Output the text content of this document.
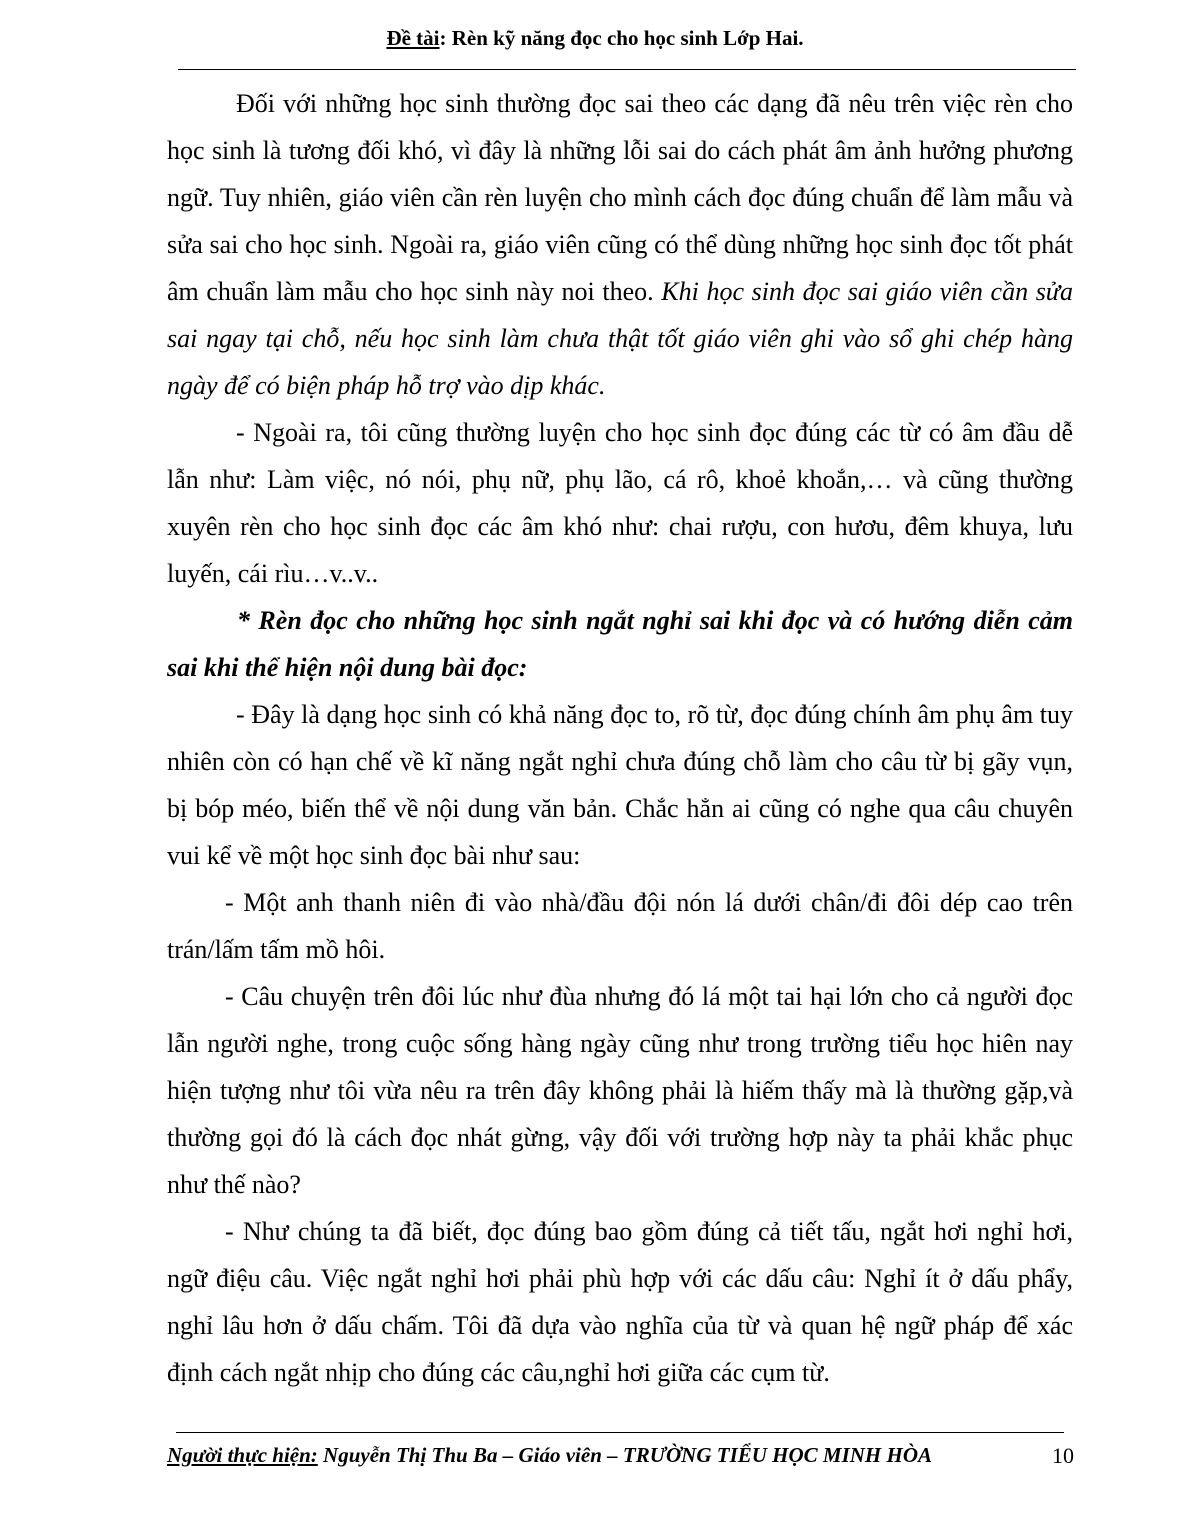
Đề tài: Rèn kỹ năng đọc cho học sinh Lớp Hai.

Đối với những học sinh thường đọc sai theo các dạng đã nêu trên việc rèn cho học sinh là tương đối khó, vì đây là những lỗi sai do cách phát âm ảnh hưởng phương ngữ. Tuy nhiên, giáo viên cần rèn luyện cho mình cách đọc đúng chuẩn để làm mẫu và sửa sai cho học sinh. Ngoài ra, giáo viên cũng có thể dùng những học sinh đọc tốt phát âm chuẩn làm mẫu cho học sinh này noi theo. Khi học sinh đọc sai giáo viên cần sửa sai ngay tại chỗ, nếu học sinh làm chưa thật tốt giáo viên ghi vào sổ ghi chép hàng ngày để có biện pháp hỗ trợ vào dịp khác.

- Ngoài ra, tôi cũng thường luyện cho học sinh đọc đúng các từ có âm đầu dễ lẫn như: Làm việc, nó nói, phụ nữ, phụ lão, cá rô, khoẻ khoắn,… và cũng thường xuyên rèn cho học sinh đọc các âm khó như: chai rượu, con hươu, đêm khuya, lưu luyến, cái rìu…v..v..

* Rèn đọc cho những học sinh ngắt nghỉ sai khi đọc và có hướng diễn cảm sai khi thể hiện nội dung bài đọc:

- Đây là dạng học sinh có khả năng đọc to, rõ từ, đọc đúng chính âm phụ âm tuy nhiên còn có hạn chế về kĩ năng ngắt nghỉ chưa đúng chỗ làm cho câu từ bị gãy vụn, bị bóp méo, biến thể về nội dung văn bản. Chắc hẳn ai cũng có nghe qua câu chuyên vui kể về một học sinh đọc bài như sau:

- Một anh thanh niên đi vào nhà/đầu đội nón lá dưới chân/đi đôi dép cao trên trán/lấm tấm mồ hôi.

- Câu chuyện trên đôi lúc như đùa nhưng đó lá một tai hại lớn cho cả người đọc lẫn người nghe, trong cuộc sống hàng ngày cũng như trong trường tiểu học hiên nay hiện tượng như tôi vừa nêu ra trên đây không phải là hiếm thấy mà là thường gặp,và thường gọi đó là cách đọc nhát gừng, vậy đối với trường hợp này ta phải khắc phục như thế nào?

- Như chúng ta đã biết, đọc đúng bao gồm đúng cả tiết tấu, ngắt hơi nghỉ hơi, ngữ điệu câu. Việc ngắt nghỉ hơi phải phù hợp với các dấu câu: Nghỉ ít ở dấu phẩy, nghỉ lâu hơn ở dấu chấm. Tôi đã dựa vào nghĩa của từ và quan hệ ngữ pháp để xác định cách ngắt nhịp cho đúng các câu,nghỉ hơi giữa các cụm từ.

Người thực hiện: Nguyễn Thị Thu Ba – Giáo viên – TRƯỜNG TIỂU HỌC MINH HÒA	10
